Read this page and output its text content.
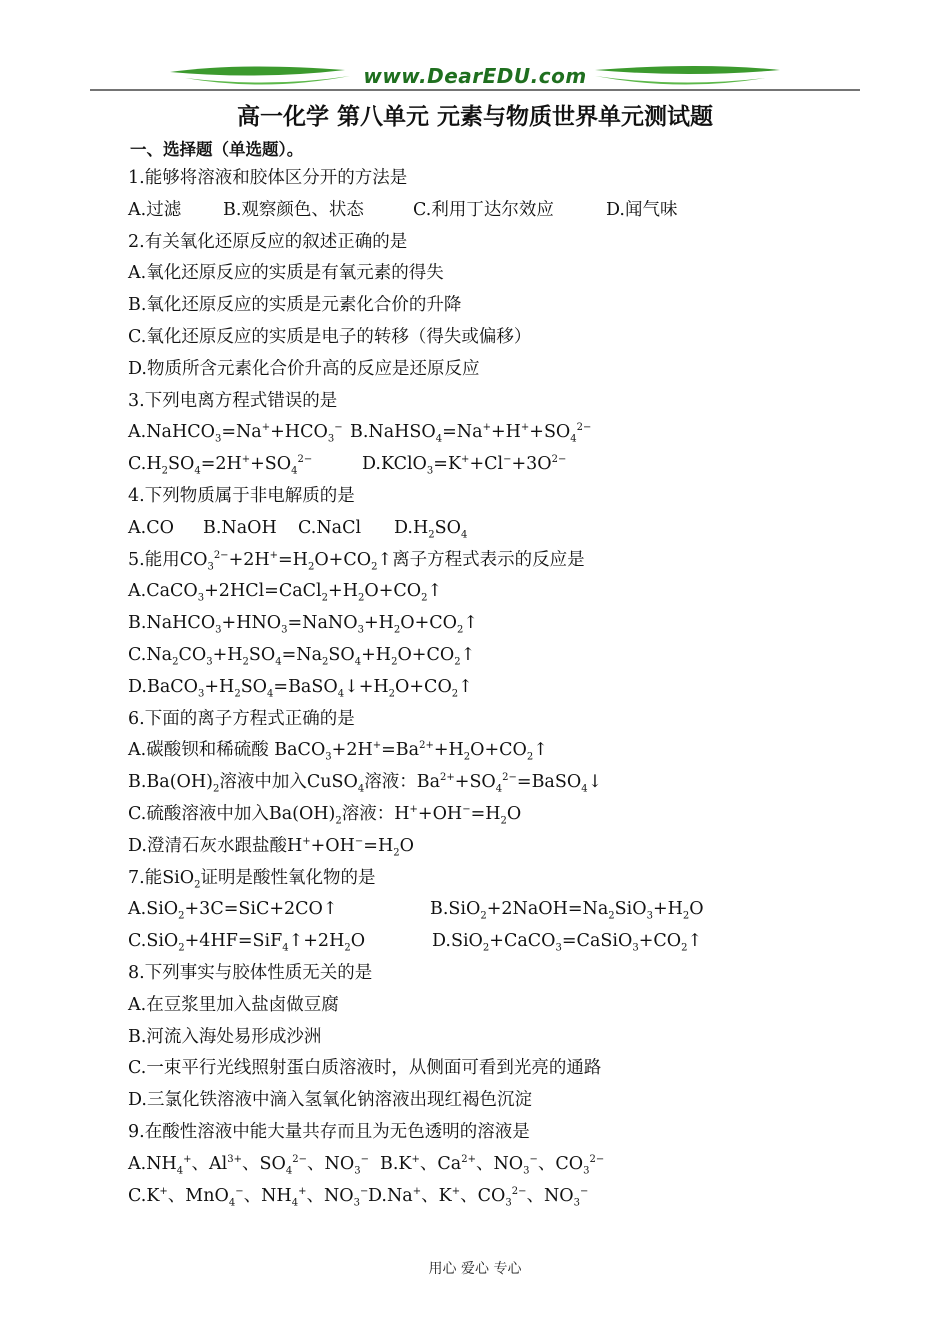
www.DearEDU.com
高一化学 第八单元 元素与物质世界单元测试题
一、选择题（单选题）。
1.能够将溶液和胶体区分开的方法是
A.过滤 B.观察颜色、状态	C.利用丁达尔效应	D.闻气味
2.有关氧化还原反应的叙述正确的是
A.氧化还原反应的实质是有氧元素的得失
B.氧化还原反应的实质是元素化合价的升降
C.氧化还原反应的实质是电子的转移（得失或偏移）
D.物质所含元素化合价升高的反应是还原反应
3.下列电离方程式错误的是
$A.NaHCO_3=Na^++HCO_3^-$ $B.NaHSO_4=Na^++H^++SO_4^{2-}$
$C.H_2SO_4=2H^++SO_4^{2-}$	$D.KClO_3=K^++Cl^-+3O^{2-}$
4.下列物质属于非电解质的是
A.CO B.NaOH C.NaCl $D.H_2SO_4$
5.能用$CO_3^{2-}+2H^+=H_2O+CO_2↑$离子方程式表示的反应是
$A.CaCO_3+2HCl=CaCl_2+H_2O+CO_2↑$
$B.NaHCO_3+HNO_3=NaNO_3+H_2O+CO_2↑$
$C.Na_2CO_3+H_2SO_4=Na_2SO_4+H_2O+CO_2↑$
$D.BaCO_3+H_2SO_4=BaSO_4↓+H_2O+CO_2↑$
6.下面的离子方程式正确的是
A.碳酸钡和稀硫酸 $BaCO_3+2H^+=Ba^{2+}+H_2O+CO_2↑$
$B.Ba(OH)_2$溶液中加入CuSO$_4$溶液：$Ba^{2+}+SO_4^{2-}=BaSO_4↓$
C.硫酸溶液中加入$Ba(OH)_2$溶液：$H^++OH^-=H_2O$
D.澄清石灰水跟盐酸$H^++OH^-=H_2O$
7.能SiO$_2$证明是酸性氧化物的是
A.SiO$_2$+3C=SiC+2CO↑	$B.SiO_2+2NaOH=Na_2SiO_3+H_2O$
$C.SiO_2+4HF=SiF_4↑+2H_2O$	$D.SiO_2+CaCO_3=CaSiO_3+CO_2↑$
8.下列事实与胶体性质无关的是
A.在豆浆里加入盐卤做豆腐
B.河流入海处易形成沙洲
C.一束平行光线照射蛋白质溶液时，从侧面可看到光亮的通路
D.三氯化铁溶液中滴入氢氧化钠溶液出现红褐色沉淀
9.在酸性溶液中能大量共存而且为无色透明的溶液是
$A.NH_4^+$、$Al^{3+}$、$SO_4^{2-}$、$NO_3^-$ B.K+、$Ca^{2+}$、$NO_3^-$、$CO_3^{2-}$
C.K+、MnO$_4$−、$NH_4^+$、$NO_3^-$ D.Na+、K+、$CO_3^{2-}$、$NO_3^-$
用心 爱心 专心
